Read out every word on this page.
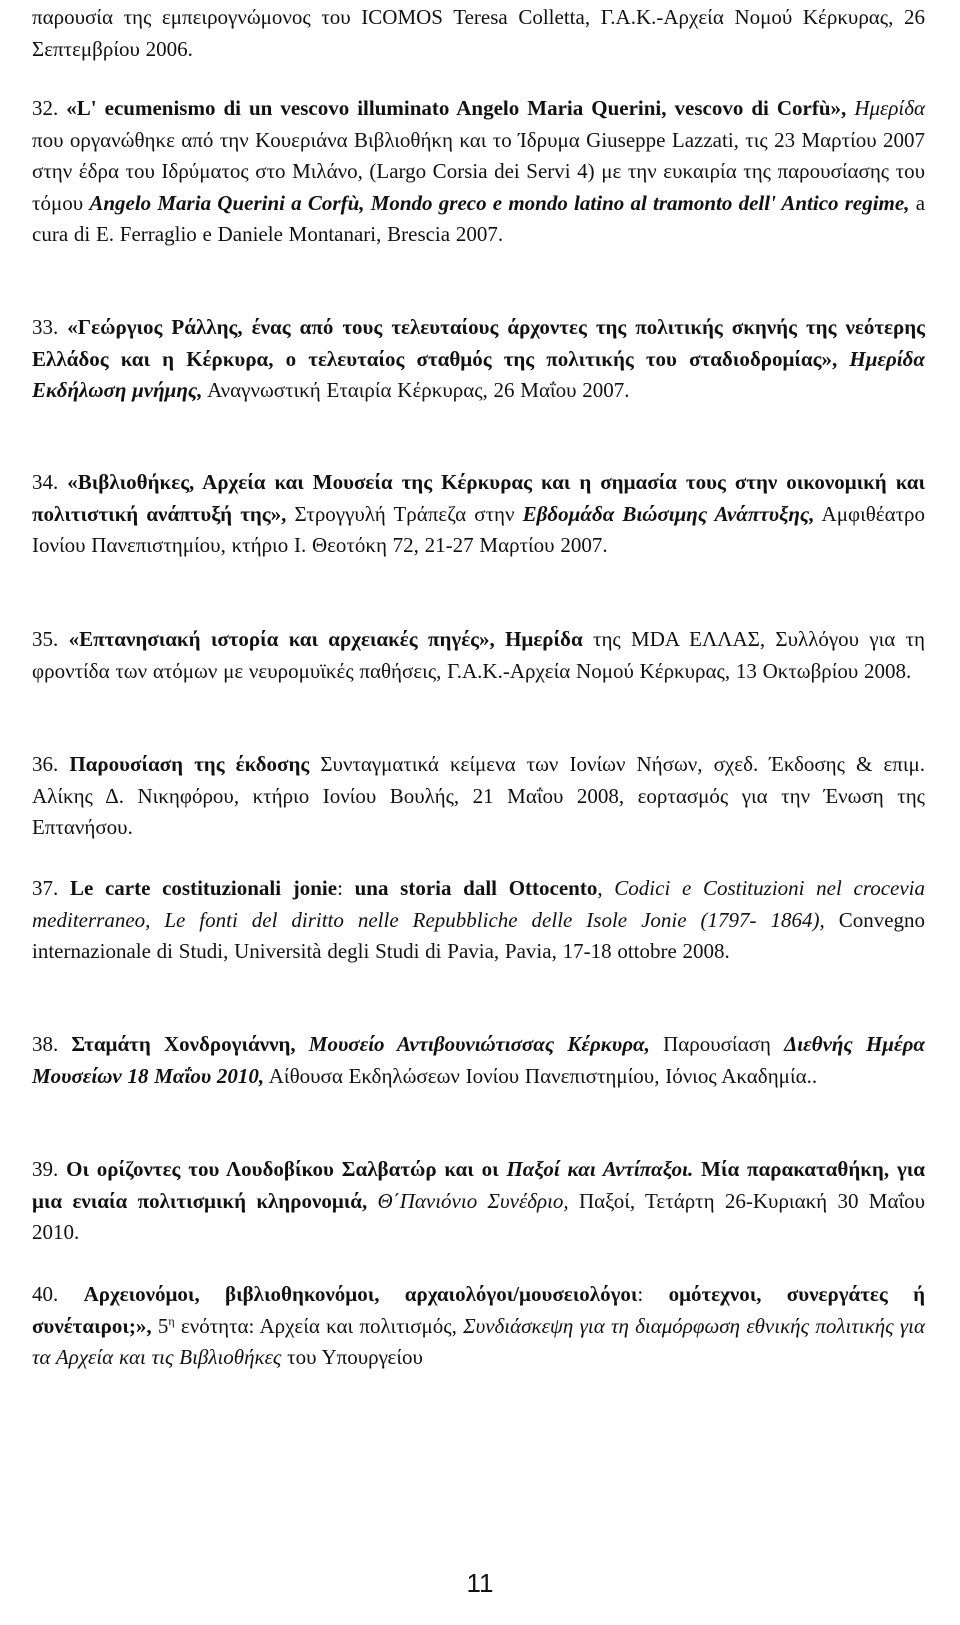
παρουσία της εμπειρογνώμονος του ICOMOS Teresa Colletta, Γ.Α.Κ.-Αρχεία Νομού Κέρκυρας, 26 Σεπτεμβρίου 2006.

32. «L' ecumenismo di un vescovo illuminato Angelo Maria Querini, vescovo di Corfù», Ημερίδα που οργανώθηκε από την Κουεριάνα Βιβλιοθήκη και το Ίδρυμα Giuseppe Lazzati, τις 23 Μαρτίου 2007 στην έδρα του Ιδρύματος στο Μιλάνο, (Largo Corsia dei Servi 4) με την ευκαιρία της παρουσίασης του τόμου Angelo Maria Querini a Corfù, Mondo greco e mondo latino al tramonto dell' Antico regime, a cura di E. Ferraglio e Daniele Montanari, Brescia 2007.

33. «Γεώργιος Ράλλης, ένας από τους τελευταίους άρχοντες της πολιτικής σκηνής της νεότερης Ελλάδος και η Κέρκυρα, ο τελευταίος σταθμός της πολιτικής του σταδιοδρομίας», Ημερίδα Εκδήλωση μνήμης, Αναγνωστική Εταιρία Κέρκυρας, 26 Μαΐου 2007.

34. «Βιβλιοθήκες, Αρχεία και Μουσεία της Κέρκυρας και η σημασία τους στην οικονομική και πολιτιστική ανάπτυξή της», Στρογγυλή Τράπεζα στην Εβδομάδα Βιώσιμης Ανάπτυξης, Αμφιθέατρο Ιονίου Πανεπιστημίου, κτήριο Ι. Θεοτόκη 72, 21-27 Μαρτίου 2007.

35. «Επτανησιακή ιστορία και αρχειακές πηγές», Ημερίδα της MDA ΕΛΛΑΣ, Συλλόγου για τη φροντίδα των ατόμων με νευρομυϊκές παθήσεις, Γ.Α.Κ.-Αρχεία Νομού Κέρκυρας, 13 Οκτωβρίου 2008.

36. Παρουσίαση της έκδοσης Συνταγματικά κείμενα των Ιονίων Νήσων, σχεδ. Έκδοσης & επιμ. Αλίκης Δ. Νικηφόρου, κτήριο Ιονίου Βουλής, 21 Μαΐου 2008, εορτασμός για την Ένωση της Επτανήσου.

37. Le carte costituzionali jonie: una storia dall Ottocento, Codici e Costituzioni nel crocevia mediterraneo, Le fonti del diritto nelle Repubbliche delle Isole Jonie (1797- 1864), Convegno internazionale di Studi, Università degli Studi di Pavia, Pavia, 17-18 ottobre 2008.

38. Σταμάτη Χονδρογιάννη, Μουσείο Αντιβουνιώτισσας Κέρκυρα, Παρουσίαση Διεθνής Ημέρα Μουσείων 18 Μαΐου 2010, Αίθουσα Εκδηλώσεων Ιονίου Πανεπιστημίου, Ιόνιος Ακαδημία..

39. Οι ορίζοντες του Λουδοβίκου Σαλβατώρ και οι Παξοί και Αντίπαξοι. Μία παρακαταθήκη, για μια ενιαία πολιτισμική κληρονομιά, Θ΄Πανιόνιο Συνέδριο, Παξοί, Τετάρτη 26-Κυριακή 30 Μαΐου 2010.

40. Αρχειονόμοι, βιβλιοθηκονόμοι, αρχαιολόγοι/μουσειολόγοι: ομότεχνοι, συνεργάτες ή συνέταιροι;», $5^\eta$ ενότητα: Αρχεία και πολιτισμός, Συνδιάσκεψη για τη διαμόρφωση εθνικής πολιτικής για τα Αρχεία και τις Βιβλιοθήκες του Υπουργείου

11
